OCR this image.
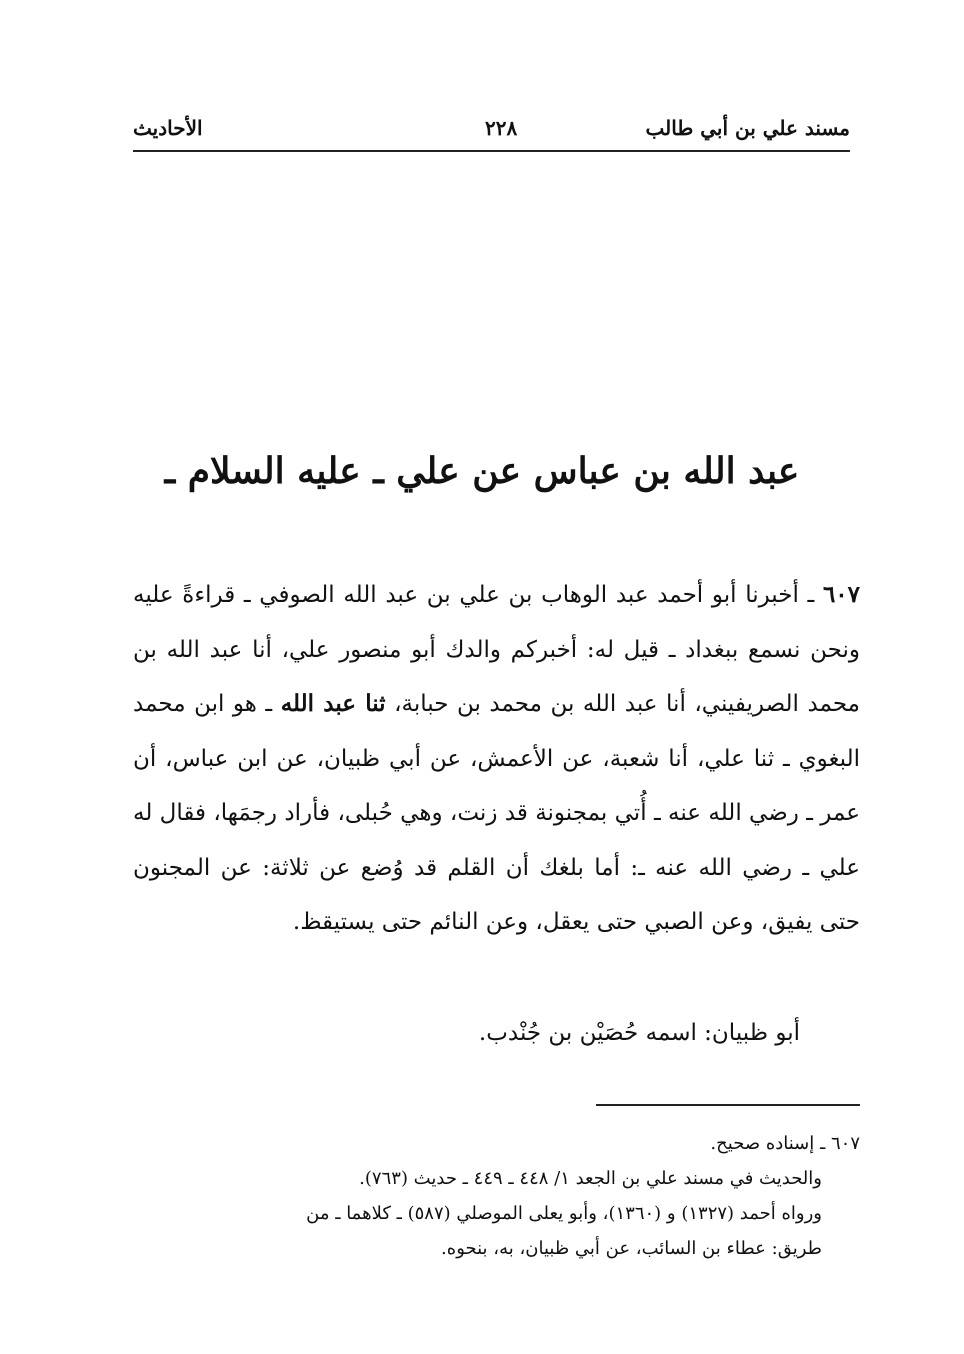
مسند علي بن أبي طالب
٢٢٨
الأحاديث
عبد الله بن عباس عن علي ـ عليه السلام ـ
٦٠٧ ـ أخبرنا أبو أحمد عبد الوهاب بن علي بن عبد الله الصوفي ـ قراءةً عليه ونحن نسمع ببغداد ـ قيل له: أخبركم والدك أبو منصور علي، أنا عبد الله بن محمد الصريفيني، أنا عبد الله بن محمد بن حبابة، ثنا عبد الله ـ هو ابن محمد البغوي ـ ثنا علي، أنا شعبة، عن الأعمش، عن أبي ظبيان، عن ابن عباس، أن عمر ـ رضي الله عنه ـ أُتي بمجنونة قد زنت، وهي حُبلى، فأراد رجمَها، فقال له علي ـ رضي الله عنه ـ: أما بلغك أن القلم قد وُضع عن ثلاثة: عن المجنون حتى يفيق، وعن الصبي حتى يعقل، وعن النائم حتى يستيقظ.
أبو ظبيان: اسمه حُصَيْن بن جُنْدب.
٦٠٧ ـ إسناده صحيح.
والحديث في مسند علي بن الجعد ١/ ٤٤٨ ـ ٤٤٩ ـ حديث (٧٦٣).
ورواه أحمد (١٣٢٧) و (١٣٦٠)، وأبو يعلى الموصلي (٥٨٧) ـ كلاهما ـ من
طريق: عطاء بن السائب، عن أبي ظبيان، به، بنحوه.
